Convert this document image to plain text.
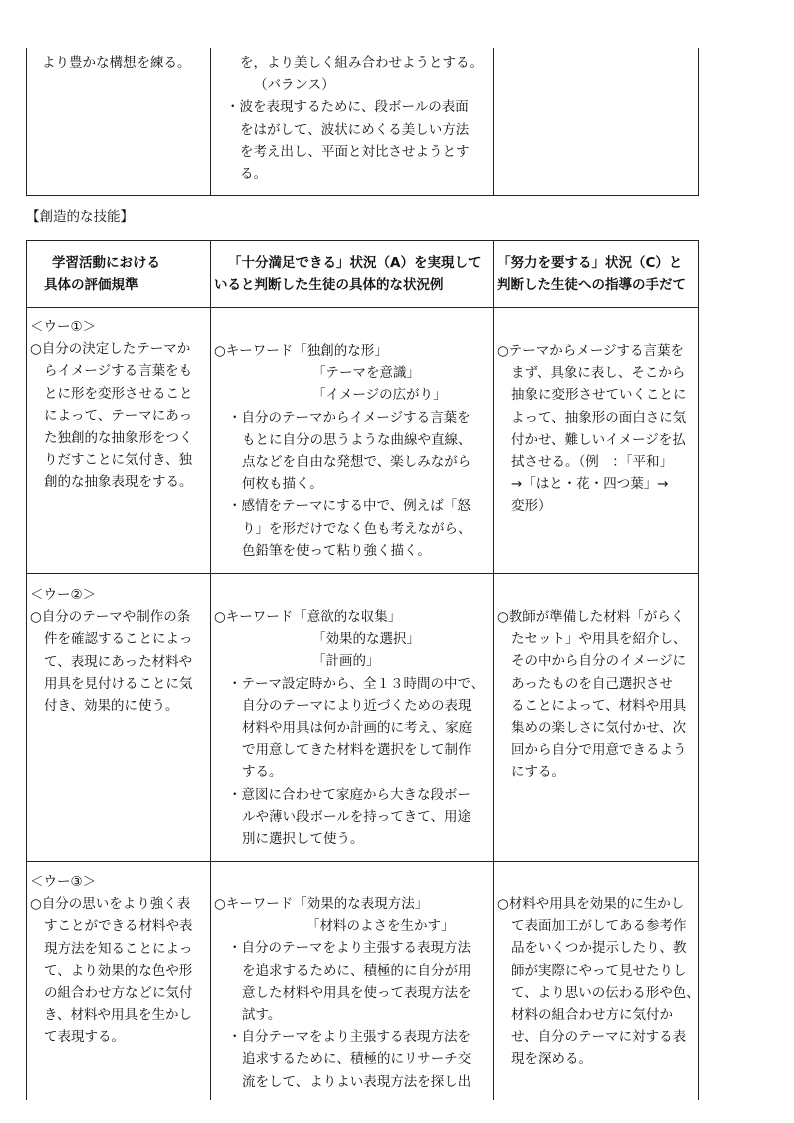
より豊かな構想を練る。	を，より美しく組み合わせようとする。
（バランス）
・波を表現するために、段ボールの表面
をはがして、波状にめくる美しい方法
を考え出し、平面と対比させようとす
る。
【創造的な技能】
学習活動における
具体の評価規準
「十分満足できる」状況（A）を実現して
いると判断した生徒の具体的な状況例
「努力を要する」状況（C）と
判断した生徒への指導の手だて
＜ウー①＞
○自分の決定したテーマか
らイメージする言葉をも
とに形を変形させること
によって、テーマにあっ
た独創的な抽象形をつく
りだすことに気付き、独
創的な抽象表現をする。
○キーワード「独創的な形」
「テーマを意識」
「イメージの広がり」
・自分のテーマからイメージする言葉を
もとに自分の思うような曲線や直線、
点などを自由な発想で、楽しみながら
何枚も描く。
・感情をテーマにする中で、例えば「怒
り」を形だけでなく色も考えながら、
色鉛筆を使って粘り強く描く。
○テーマからメージする言葉を
まず、具象に表し、そこから
抽象に変形させていくことに
よって、抽象形の面白さに気
付かせ、難しいイメージを払
拭させる。（例　：「平和」
→「はと・花・四つ葉」→
変形）
＜ウー②＞
○自分のテーマや制作の条
件を確認することによっ
て、表現にあった材料や
用具を見付けることに気
付き、効果的に使う。
○キーワード「意欲的な収集」
「効果的な選択」
「計画的」
・テーマ設定時から、全１３時間の中で、
自分のテーマにより近づくための表現
材料や用具は何か計画的に考え、家庭
で用意してきた材料を選択をして制作
する。
・意図に合わせて家庭から大きな段ボー
ルや薄い段ボールを持ってきて、用途
別に選択して使う。
○教師が準備した材料「がらく
たセット」や用具を紹介し、
その中から自分のイメージに
あったものを自己選択させ
ることによって、材料や用具
集めの楽しさに気付かせ、次
回から自分で用意できるよう
にする。
＜ウー③＞
○自分の思いをより強く表
すことができる材料や表
現方法を知ることによっ
て、より効果的な色や形
の組合わせ方などに気付
き、材料や用具を生かし
て表現する。
○キーワード「効果的な表現方法」
「材料のよさを生かす」
・自分のテーマをより主張する表現方法
を追求するために、積極的に自分が用
意した材料や用具を使って表現方法を
試す。
・自分テーマをより主張する表現方法を
追求するために、積極的にリサーチ交
流をして、よりよい表現方法を探し出
○材料や用具を効果的に生かし
て表面加工がしてある参考作
品をいくつか提示したり、教
師が実際にやって見せたりし
て、より思いの伝わる形や色、
材料の組合わせ方に気付か
せ、自分のテーマに対する表
現を深める。
